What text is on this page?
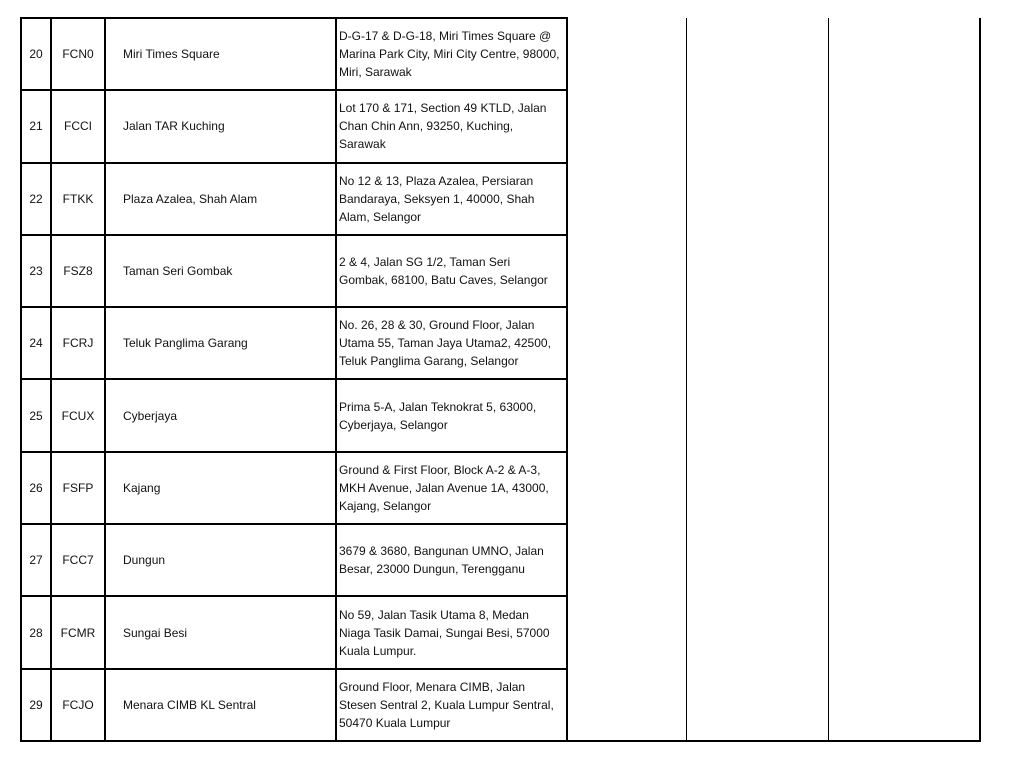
20	FCN0	Miri Times Square	D-G-17 & D-G-18, Miri Times Square @ Marina Park City, Miri City Centre, 98000, Miri, Sarawak			
21	FCCI	Jalan TAR Kuching	Lot 170 & 171, Section 49 KTLD, Jalan Chan Chin Ann, 93250, Kuching, Sarawak			
22	FTKK	Plaza Azalea, Shah Alam	No 12 & 13, Plaza Azalea, Persiaran Bandaraya, Seksyen 1, 40000, Shah Alam, Selangor			
23	FSZ8	Taman Seri Gombak	2 & 4, Jalan SG 1/2, Taman Seri Gombak, 68100, Batu Caves, Selangor			
24	FCRJ	Teluk Panglima Garang	No. 26, 28 & 30, Ground Floor, Jalan Utama 55, Taman Jaya Utama2, 42500, Teluk Panglima Garang, Selangor			
25	FCUX	Cyberjaya	Prima 5-A, Jalan Teknokrat 5, 63000, Cyberjaya, Selangor			
26	FSFP	Kajang	Ground & First Floor, Block A-2 & A-3, MKH Avenue, Jalan Avenue 1A, 43000, Kajang, Selangor			
27	FCC7	Dungun	3679 & 3680, Bangunan UMNO, Jalan Besar, 23000 Dungun, Terengganu			
28	FCMR	Sungai Besi	No 59, Jalan Tasik Utama 8, Medan Niaga Tasik Damai, Sungai Besi, 57000 Kuala Lumpur.			
29	FCJO	Menara CIMB KL Sentral	Ground Floor, Menara CIMB, Jalan Stesen Sentral 2, Kuala Lumpur Sentral, 50470 Kuala Lumpur			
